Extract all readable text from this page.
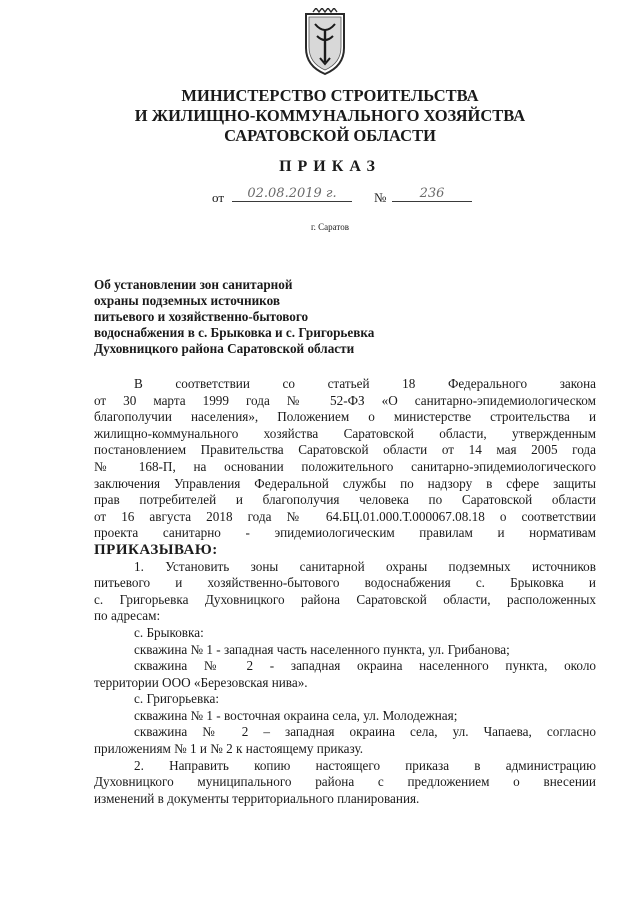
МИНИСТЕРСТВО СТРОИТЕЛЬСТВА
И ЖИЛИЩНО-КОММУНАЛЬНОГО ХОЗЯЙСТВА
САРАТОВСКОЙ ОБЛАСТИ
ПРИКАЗ
от	02.08.2019 г.	№	236
г. Саратов
Об установлении зон санитарной
охраны подземных источников
питьевого и хозяйственно-бытового
водоснабжения в с. Брыковка и с. Григорьевка
Духовницкого района Саратовской области
В соответствии со статьей 18 Федерального закона
от 30 марта 1999 года № 52-ФЗ «О санитарно-эпидемиологическом
благополучии населения», Положением о министерстве строительства и
жилищно-коммунального хозяйства Саратовской области, утвержденным
постановлением Правительства Саратовской области от 14 мая 2005 года
№ 168-П, на основании положительного санитарно-эпидемиологического
заключения Управления Федеральной службы по надзору в сфере защиты
прав потребителей и благополучия человека по Саратовской области
от 16 августа 2018 года № 64.БЦ.01.000.Т.000067.08.18 о соответствии
проекта санитарно - эпидемиологическим правилам и нормативам
ПРИКАЗЫВАЮ:
1. Установить зоны санитарной охраны подземных источников
питьевого и хозяйственно-бытового водоснабжения с. Брыковка и
с. Григорьевка Духовницкого района Саратовской области, расположенных
по адресам:
с. Брыковка:
скважина № 1 - западная часть населенного пункта, ул. Грибанова;
скважина № 2 - западная окраина населенного пункта, около
территории ООО «Березовская нива».
с. Григорьевка:
скважина № 1 - восточная окраина села, ул. Молодежная;
скважина № 2 – западная окраина села, ул. Чапаева, согласно
приложениям № 1 и № 2 к настоящему приказу.
2. Направить копию настоящего приказа в администрацию
Духовницкого муниципального района с предложением о внесении
изменений в документы территориального планирования.
